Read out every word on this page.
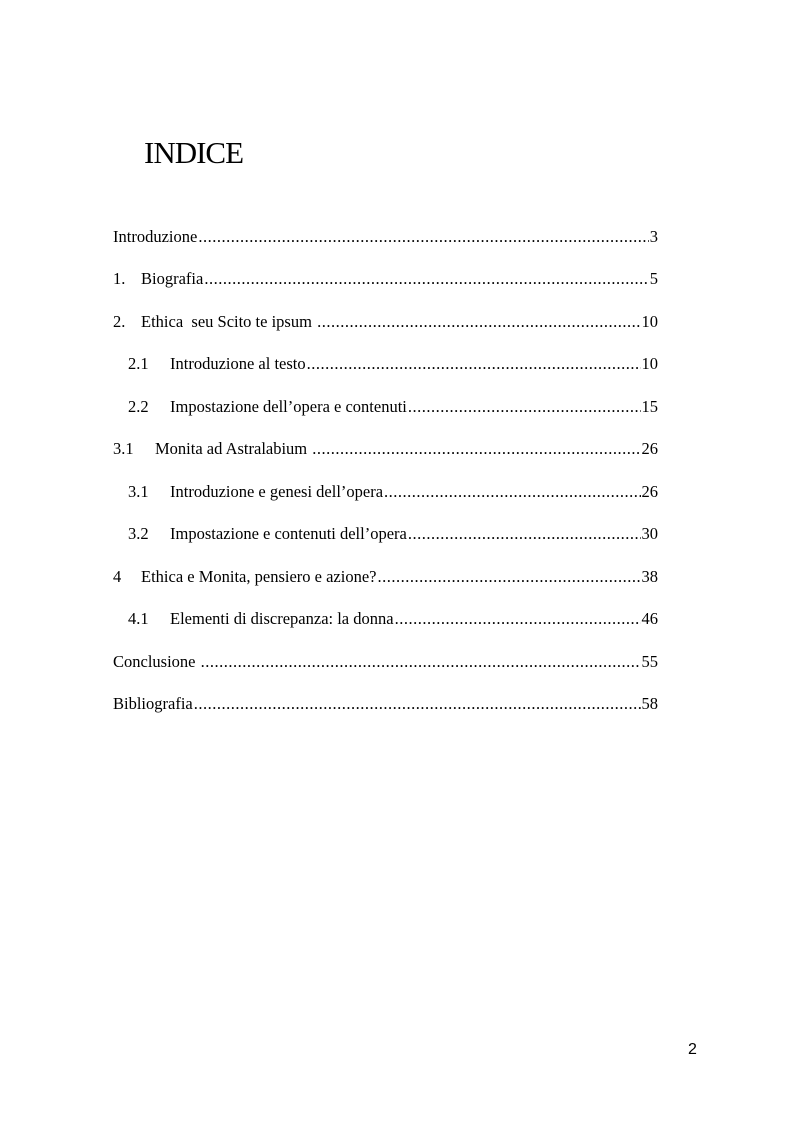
INDICE
Introduzione .....	3
1. Biografia .....	5
2. Ethica  seu Scito te ipsum .....	10
2.1	Introduzione al testo .....	10
2.2	Impostazione dell’opera e contenuti .....	15
3.1	Monita ad Astralabium .....	26
3.1	Introduzione e genesi dell’opera .....	26
3.2	Impostazione e contenuti dell’opera .....	30
4	Ethica e Monita, pensiero e azione? .....	38
4.1	Elementi di discrepanza: la donna .....	46
Conclusione .....	55
Bibliografia .....	58
2
